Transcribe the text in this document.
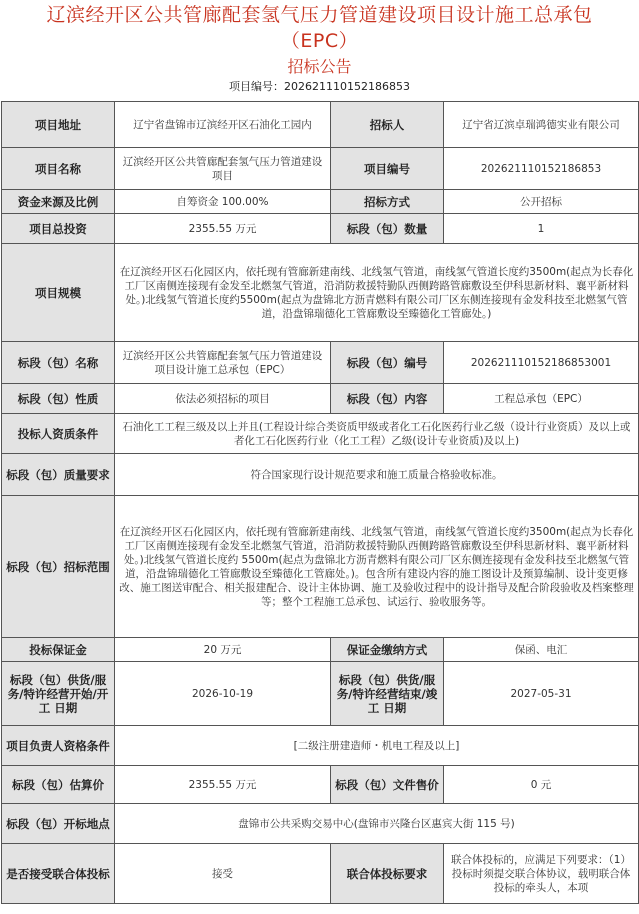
辽滨经开区公共管廊配套氢气压力管道建设项目设计施工总承包（EPC）
招标公告
项目编号：202621110152186853
项目地址	辽宁省盘锦市辽滨经开区石油化工园内	招标人	辽宁省辽滨卓瑞鸿德实业有限公司
项目名称	辽滨经开区公共管廊配套氢气压力管道建设项目	项目编号	202621110152186853
资金来源及比例	自筹资金 100.00%	招标方式	公开招标
项目总投资	2355.55 万元	标段（包）数量	1
项目规模	在辽滨经开区石化园区内，依托现有管廊新建南线、北线氢气管道，南线氢气管道长度约3500m(起点为长春化工厂区南侧连接现有金发至北燃氢气管道，沿消防救援特勤队西侧跨路管廊敷设至伊科思新材料、襄平新材料处。)北线氢气管道长度约5500m(起点为盘锦北方沥青燃料有限公司厂区东侧连接现有金发科技至北燃氢气管道，沿盘锦瑞德化工管廊敷设至臻德化工管廊处。)		
标段（包）名称	辽滨经开区公共管廊配套氢气压力管道建设项目设计施工总承包（EPC）	标段（包）编号	202621110152186853001
标段（包）性质	依法必须招标的项目	标段（包）内容	工程总承包（EPC）
投标人资质条件	石油化工工程三级及以上并且(工程设计综合类资质甲级或者化工石化医药行业乙级（设计行业资质）及以上或者化工石化医药行业（化工工程）乙级(设计专业资质)及以上)		
标段（包）质量要求	符合国家现行设计规范要求和施工质量合格验收标准。		
标段（包）招标范围	在辽滨经开区石化园区内，依托现有管廊新建南线、北线氢气管道，南线氢气管道长度约3500m(起点为长春化工厂区南侧连接现有金发至北燃氢气管道，沿消防救援特勤队西侧跨路管廊敷设至伊科思新材料、襄平新材料处。)北线氢气管道长度约 5500m(起点为盘锦北方沥青燃料有限公司厂区东侧连接现有金发科技至北燃氢气管道，沿盘锦瑞德化工管廊敷设至臻德化工管廊处。)。包含所有建设内容的施工图设计及预算编制、设计变更修改、施工图送审配合、相关报建配合、设计主体协调、施工及验收过程中的设计指导及配合阶段验收及档案整理等；整个工程施工总承包、试运行、验收服务等。		
投标保证金	20 万元	保证金缴纳方式	保函、电汇
标段（包）供货/服务/特许经营开始/开工 日期	2026-10-19	标段（包）供货/服务/特许经营结束/竣工 日期	2027-05-31
项目负责人资格条件	[二级注册建造师・机电工程及以上]		
标段（包）估算价	2355.55 万元	标段（包）文件售价	0 元
标段（包）开标地点	盘锦市公共采购交易中心(盘锦市兴隆台区惠宾大街 115 号)		
是否接受联合体投标	接受	联合体投标要求	联合体投标的，应满足下列要求：（1）投标时须提交联合体协议，载明联合体投标的牵头人，本项
